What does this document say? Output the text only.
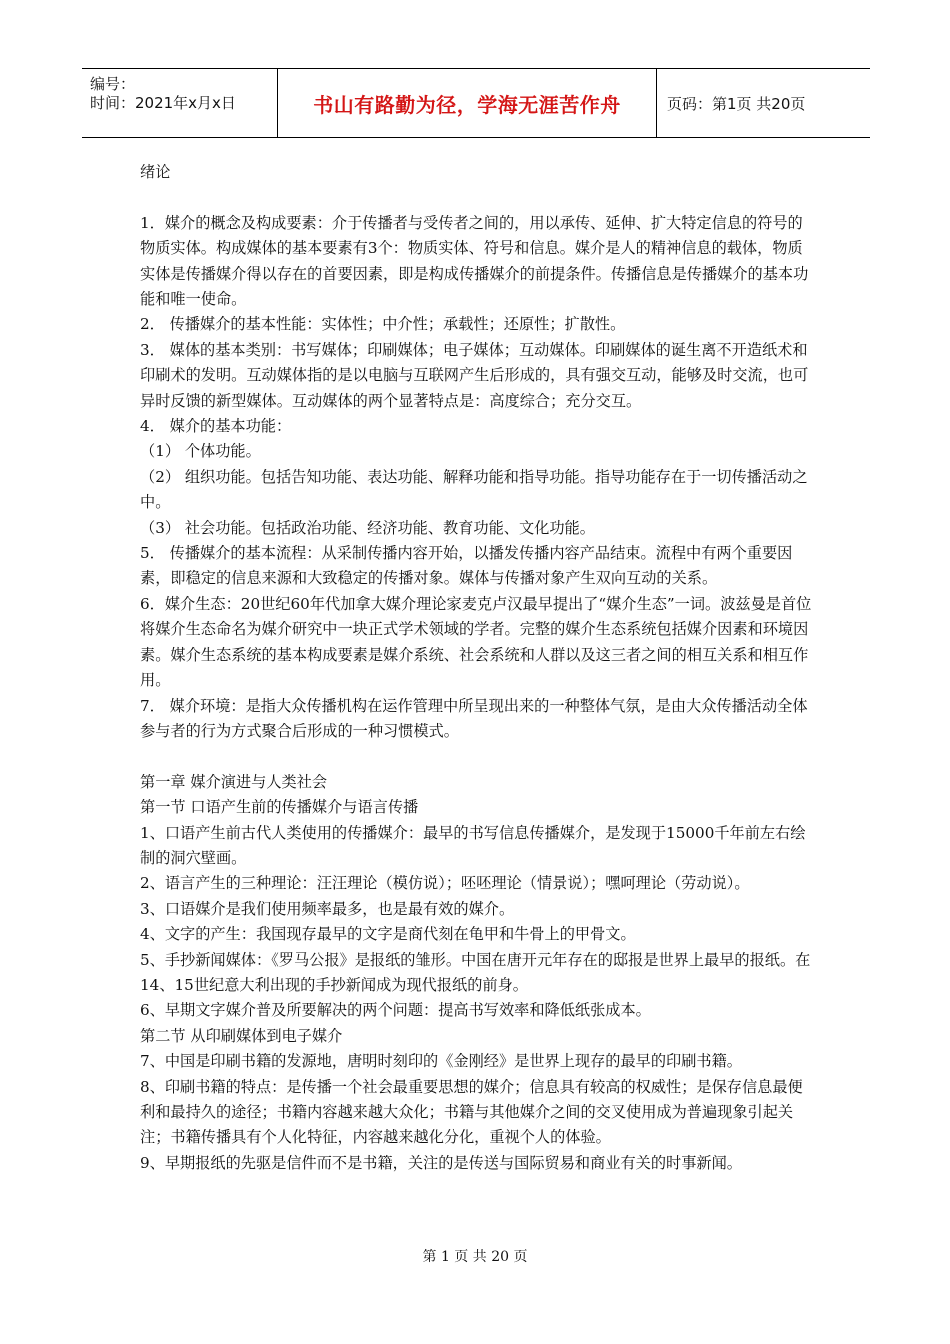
编号：
时间：2021年x月x日	书山有路勤为径，学海无涯苦作舟	页码：第1页 共20页

绪论

1．媒介的概念及构成要素：介于传播者与受传者之间的，用以承传、延伸、扩大特定信息的符号的物质实体。构成媒体的基本要素有3个：物质实体、符号和信息。媒介是人的精神信息的载体，物质实体是传播媒介得以存在的首要因素，即是构成传播媒介的前提条件。传播信息是传播媒介的基本功能和唯一使命。

2． 传播媒介的基本性能：实体性；中介性；承载性；还原性；扩散性。

3． 媒体的基本类别：书写媒体；印刷媒体；电子媒体；互动媒体。印刷媒体的诞生离不开造纸术和印刷术的发明。互动媒体指的是以电脑与互联网产生后形成的，具有强交互动，能够及时交流，也可异时反馈的新型媒体。互动媒体的两个显著特点是：高度综合；充分交互。

4． 媒介的基本功能：

（1） 个体功能。

（2） 组织功能。包括告知功能、表达功能、解释功能和指导功能。指导功能存在于一切传播活动之中。

（3） 社会功能。包括政治功能、经济功能、教育功能、文化功能。

5． 传播媒介的基本流程：从采制传播内容开始，以播发传播内容产品结束。流程中有两个重要因素，即稳定的信息来源和大致稳定的传播对象。媒体与传播对象产生双向互动的关系。

6．媒介生态：20世纪60年代加拿大媒介理论家麦克卢汉最早提出了“媒介生态”一词。波兹曼是首位将媒介生态命名为媒介研究中一块正式学术领域的学者。完整的媒介生态系统包括媒介因素和环境因素。媒介生态系统的基本构成要素是媒介系统、社会系统和人群以及这三者之间的相互关系和相互作用。

7． 媒介环境：是指大众传播机构在运作管理中所呈现出来的一种整体气氛，是由大众传播活动全体参与者的行为方式聚合后形成的一种习惯模式。

第一章 媒介演进与人类社会

第一节 口语产生前的传播媒介与语言传播

1、口语产生前古代人类使用的传播媒介：最早的书写信息传播媒介，是发现于15000千年前左右绘制的洞穴壁画。

2、语言产生的三种理论：汪汪理论（模仿说）；呸呸理论（情景说）；嘿呵理论（劳动说）。

3、口语媒介是我们使用频率最多，也是最有效的媒介。

4、文字的产生：我国现存最早的文字是商代刻在龟甲和牛骨上的甲骨文。

5、手抄新闻媒体：《罗马公报》是报纸的雏形。中国在唐开元年存在的邸报是世界上最早的报纸。在14、15世纪意大利出现的手抄新闻成为现代报纸的前身。

6、早期文字媒介普及所要解决的两个问题：提高书写效率和降低纸张成本。

第二节 从印刷媒体到电子媒介

7、中国是印刷书籍的发源地，唐明时刻印的《金刚经》是世界上现存的最早的印刷书籍。

8、印刷书籍的特点：是传播一个社会最重要思想的媒介；信息具有较高的权威性；是保存信息最便利和最持久的途径；书籍内容越来越大众化；书籍与其他媒介之间的交叉使用成为普遍现象引起关注；书籍传播具有个人化特征，内容越来越化分化，重视个人的体验。

9、早期报纸的先驱是信件而不是书籍，关注的是传送与国际贸易和商业有关的时事新闻。

第 1 页 共 20 页
